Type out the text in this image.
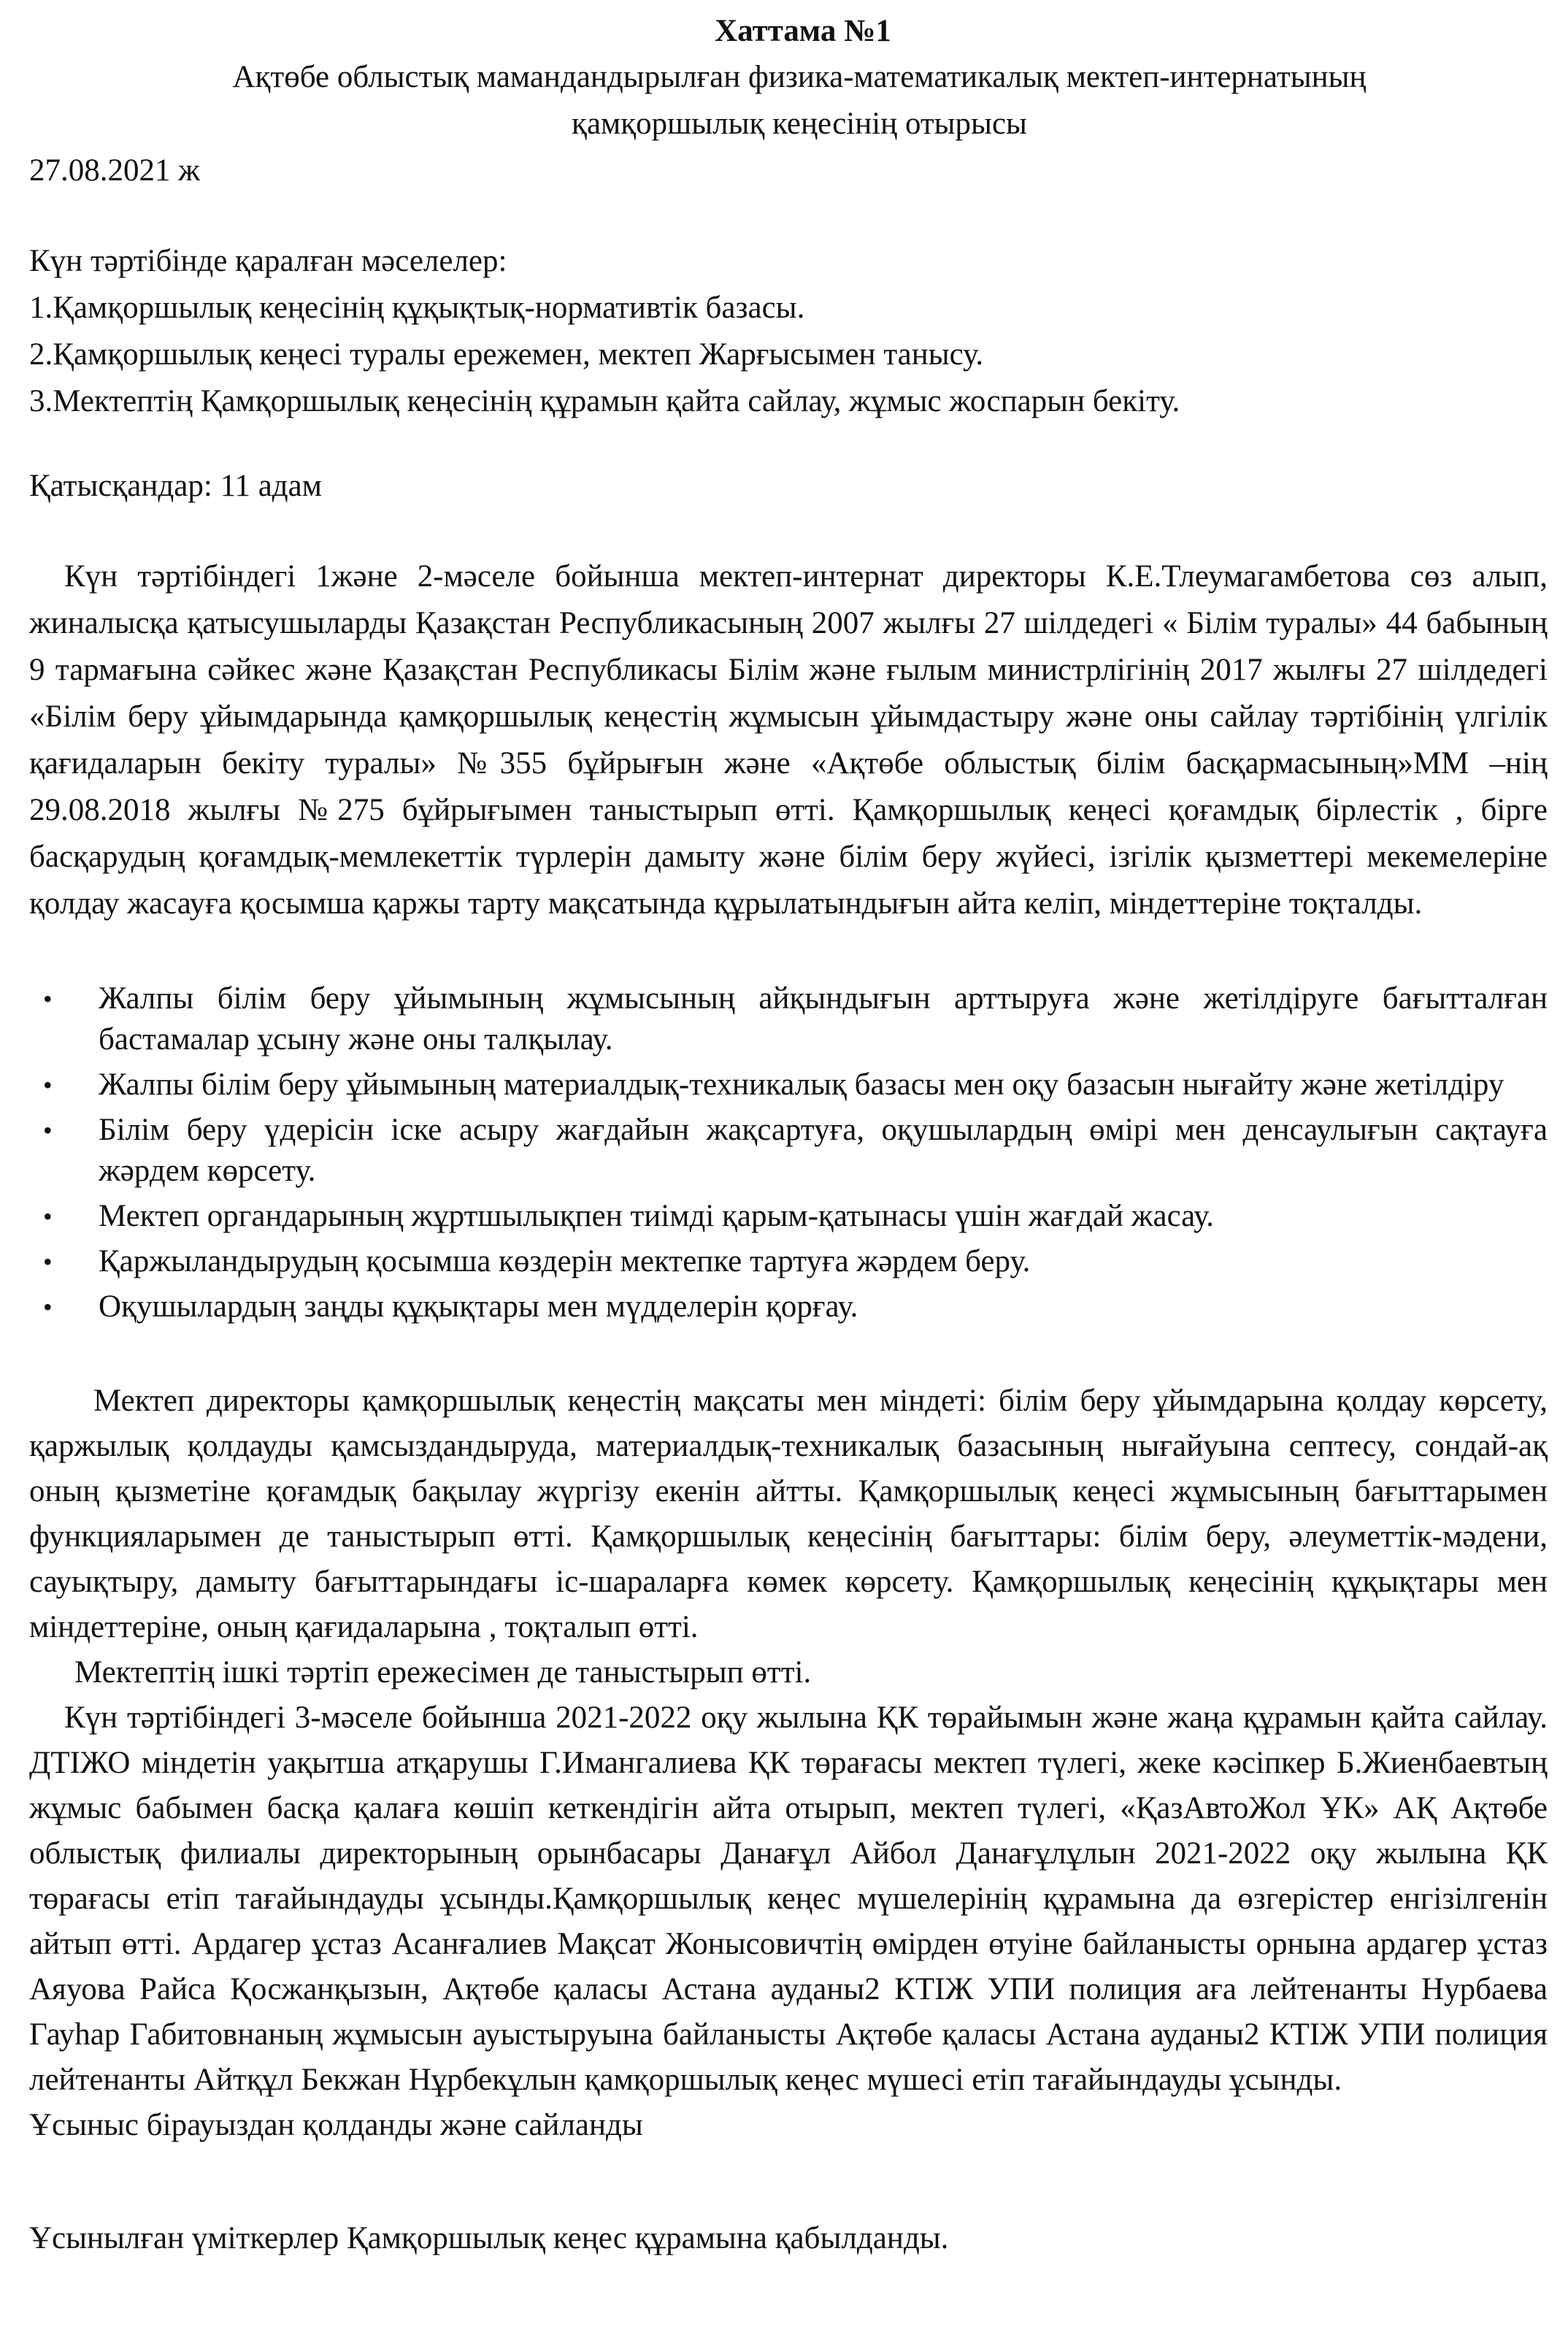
Хаттама №1

Ақтөбе облыстық мамандандырылған физика-математикалық мектеп-интернатының

қамқоршылық кеңесінің отырысы

27.08.2021 ж

Күн тәртібінде қаралған мәселелер:

1.Қамқоршылық кеңесінің құқықтық-нормативтік базасы.
2.Қамқоршылық кеңесі туралы ережемен, мектеп Жарғысымен танысу.
3.Мектептің Қамқоршылық кеңесінің құрамын қайта сайлау, жұмыс жоспарын бекіту.

Қатысқандар: 11 адам

Күн тәртібіндегі 1және 2-мәселе бойынша мектеп-интернат директоры К.Е.Тлеумагамбетова сөз алып, жиналысқа қатысушыларды Қазақстан Республикасының 2007 жылғы 27 шілдедегі « Білім туралы» 44 бабының 9 тармағына сәйкес және Қазақстан Республикасы Білім және ғылым министрлігінің 2017 жылғы 27 шілдедегі «Білім беру ұйымдарында қамқоршылық кеңестің жұмысын ұйымдастыру және оны сайлау тәртібінің үлгілік қағидаларын бекіту туралы» №355 бұйрығын және «Ақтөбе облыстық білім басқармасының»ММ –нің 29.08.2018 жылғы №275 бұйрығымен таныстырып өтті. Қамқоршылық кеңесі қоғамдық бірлестік , бірге басқарудың қоғамдық-мемлекеттік түрлерін дамыту және білім беру жүйесі, ізгілік қызметтері мекемелеріне қолдау жасауға қосымша қаржы тарту мақсатында құрылатындығын айта келіп, міндеттеріне тоқталды.

• Жалпы білім беру ұйымының жұмысының айқындығын арттыруға және жетілдіруге бағытталған бастамалар ұсыну және оны талқылау.
• Жалпы білім беру ұйымының материалдық-техникалық базасы мен оқу базасын нығайту және жетілдіру
• Білім беру үдерісін іске асыру жағдайын жақсартуға, оқушылардың өмірі мен денсаулығын сақтауға жәрдем көрсету.
• Мектеп органдарының жұртшылықпен тиімді қарым-қатынасы үшін жағдай жасау.
• Қаржыландырудың қосымша көздерін мектепке тартуға жәрдем беру.
• Оқушылардың заңды құқықтары мен мүдделерін қорғау.

Мектеп директоры қамқоршылық кеңестің мақсаты мен міндеті: білім беру ұйымдарына қолдау көрсету, қаржылық қолдауды қамсыздандыруда, материалдық-техникалық базасының нығайуына септесу, сондай-ақ оның қызметіне қоғамдық бақылау жүргізу екенін айтты. Қамқоршылық кеңесі жұмысының бағыттарымен функцияларымен де таныстырып өтті. Қамқоршылық кеңесінің бағыттары: білім беру, әлеуметтік-мәдени, сауықтыру, дамыту бағыттарындағы іс-шараларға көмек көрсету. Қамқоршылық кеңесінің құқықтары мен міндеттеріне, оның қағидаларына , тоқталып өтті.

Мектептің ішкі тәртіп ережесімен де таныстырып өтті.

Күн тәртібіндегі 3-мәселе бойынша 2021-2022 оқу жылына ҚК төрайымын және жаңа құрамын қайта сайлау. ДТІЖО міндетін уақытша атқарушы Г.Имангалиева ҚК төрағасы мектеп түлегі, жеке кәсіпкер Б.Жиенбаевтың жұмыс бабымен басқа қалаға көшіп кеткендігін айта отырып, мектеп түлегі, «ҚазАвтоЖол ҰК» АҚ Ақтөбе облыстық филиалы директорының орынбасары Данағұл Айбол Данағұлұлын 2021-2022 оқу жылына ҚК төрағасы етіп тағайындауды ұсынды.Қамқоршылық кеңес мүшелерінің құрамына да өзгерістер енгізілгенін айтып өтті. Ардагер ұстаз Асанғалиев Мақсат Жонысовичтің өмірден өтуіне байланысты орнына ардагер ұстаз Аяуова Райса Қосжанқызын, Ақтөбе қаласы Астана ауданы2 КТІЖ УПИ полиция аға лейтенанты Нурбаева Гауһар Габитовнаның жұмысын ауыстыруына байланысты Ақтөбе қаласы Астана ауданы2 КТІЖ УПИ полиция лейтенанты Айтқұл Бекжан Нұрбекұлын қамқоршылық кеңес мүшесі етіп тағайындауды ұсынды.

Ұсыныс бірауыздан қолданды және сайланды

Ұсынылған үміткерлер Қамқоршылық кеңес құрамына қабылданды.
